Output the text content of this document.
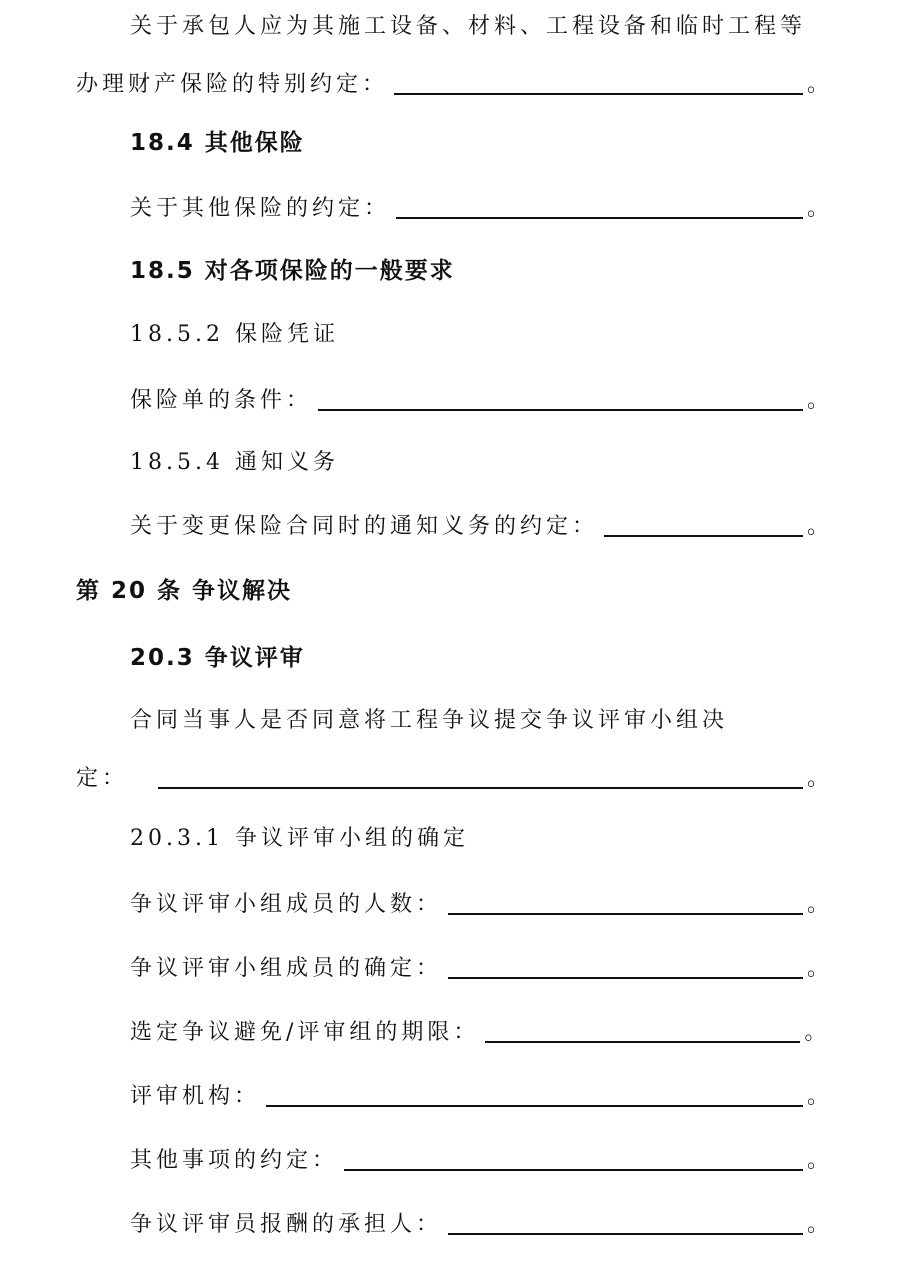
关于承包人应为其施工设备、材料、工程设备和临时工程等
办理财产保险的特别约定：	。
18.4 其他保险
关于其他保险的约定：	。
18.5 对各项保险的一般要求
18.5.2 保险凭证
保险单的条件：	。
18.5.4 通知义务
关于变更保险合同时的通知义务的约定：	。
第 20 条 争议解决
20.3 争议评审
合同当事人是否同意将工程争议提交争议评审小组决
定：	。
20.3.1 争议评审小组的确定
争议评审小组成员的人数：	。
争议评审小组成员的确定：	。
选定争议避免/评审组的期限：	。
评审机构：	。
其他事项的约定：	。
争议评审员报酬的承担人：	。
